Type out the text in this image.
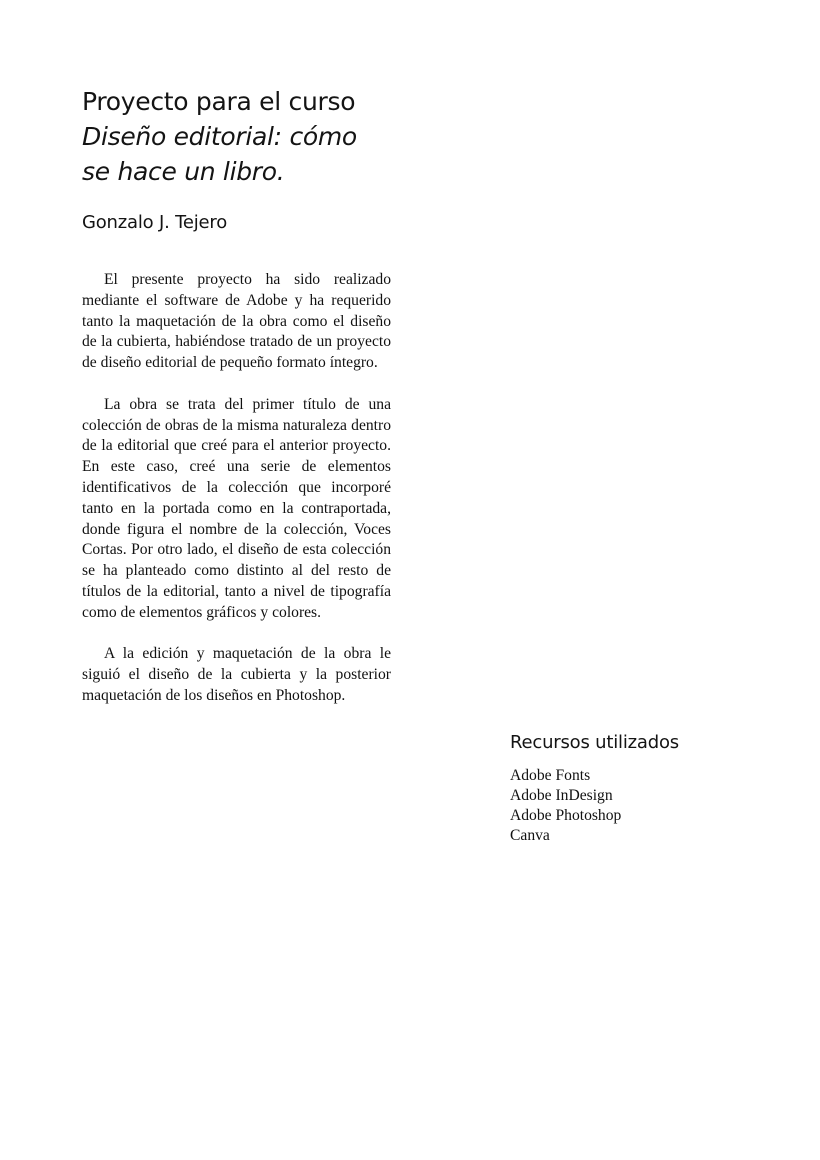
Proyecto para el curso
Diseño editorial: cómo
se hace un libro.
Gonzalo J. Tejero

El presente proyecto ha sido realizado mediante el software de Adobe y ha requerido tanto la maquetación de la obra como el diseño de la cubierta, habiéndose tratado de un proyecto de diseño editorial de pequeño formato íntegro.

La obra se trata del primer título de una colección de obras de la misma naturaleza dentro de la editorial que creé para el anterior proyecto. En este caso, creé una serie de elementos identificativos de la colección que incorporé tanto en la portada como en la contraportada, donde figura el nombre de la colección, Voces Cortas. Por otro lado, el diseño de esta colección se ha planteado como distinto al del resto de títulos de la editorial, tanto a nivel de tipografía como de elementos gráficos y colores.

A la edición y maquetación de la obra le siguió el diseño de la cubierta y la posterior maquetación de los diseños en Photoshop.

Recursos utilizados
Adobe Fonts
Adobe InDesign
Adobe Photoshop
Canva
